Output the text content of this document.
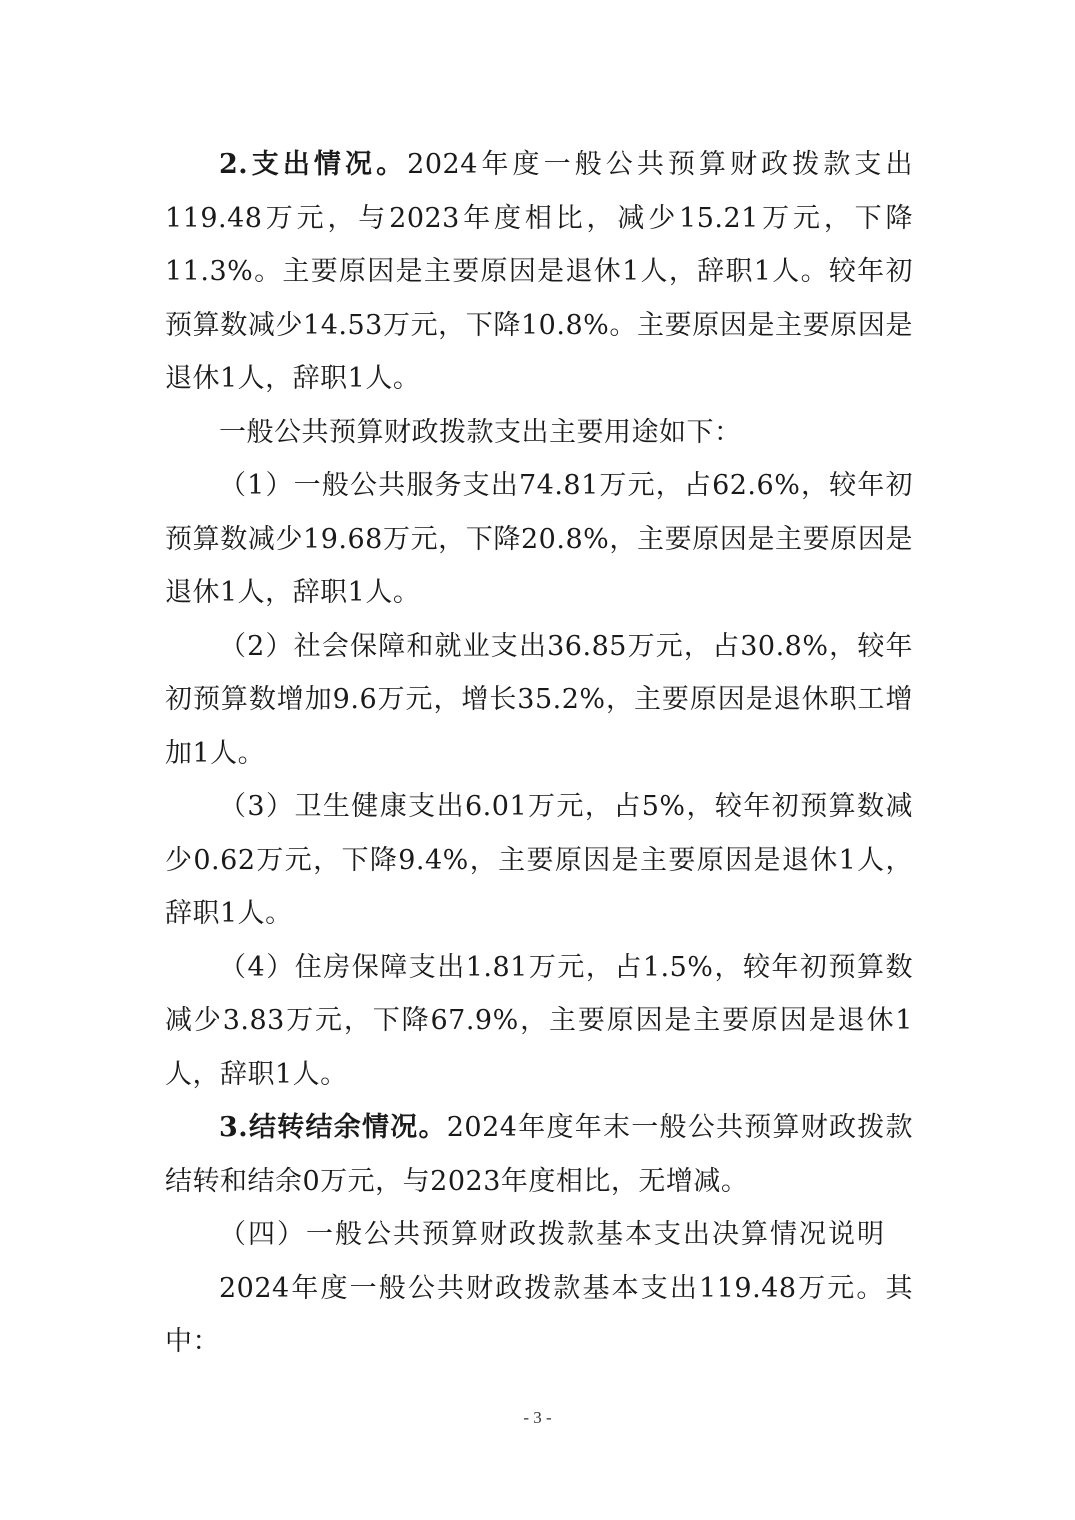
2.支出情况。2024年度一般公共预算财政拨款支出119.48万元，与2023年度相比，减少15.21万元，下降11.3%。主要原因是主要原因是退休1人，辞职1人。较年初预算数减少14.53万元，下降10.8%。主要原因是主要原因是退休1人，辞职1人。

一般公共预算财政拨款支出主要用途如下：

（1）一般公共服务支出74.81万元，占62.6%，较年初预算数减少19.68万元，下降20.8%，主要原因是主要原因是退休1人，辞职1人。

（2）社会保障和就业支出36.85万元，占30.8%，较年初预算数增加9.6万元，增长35.2%，主要原因是退休职工增加1人。

（3）卫生健康支出6.01万元，占5%，较年初预算数减少0.62万元，下降9.4%，主要原因是主要原因是退休1人，辞职1人。

（4）住房保障支出1.81万元，占1.5%，较年初预算数减少3.83万元，下降67.9%，主要原因是主要原因是退休1人，辞职1人。

3.结转结余情况。2024年度年末一般公共预算财政拨款结转和结余0万元，与2023年度相比，无增减。

（四）一般公共预算财政拨款基本支出决算情况说明

2024年度一般公共财政拨款基本支出119.48万元。其中：

- 3 -
